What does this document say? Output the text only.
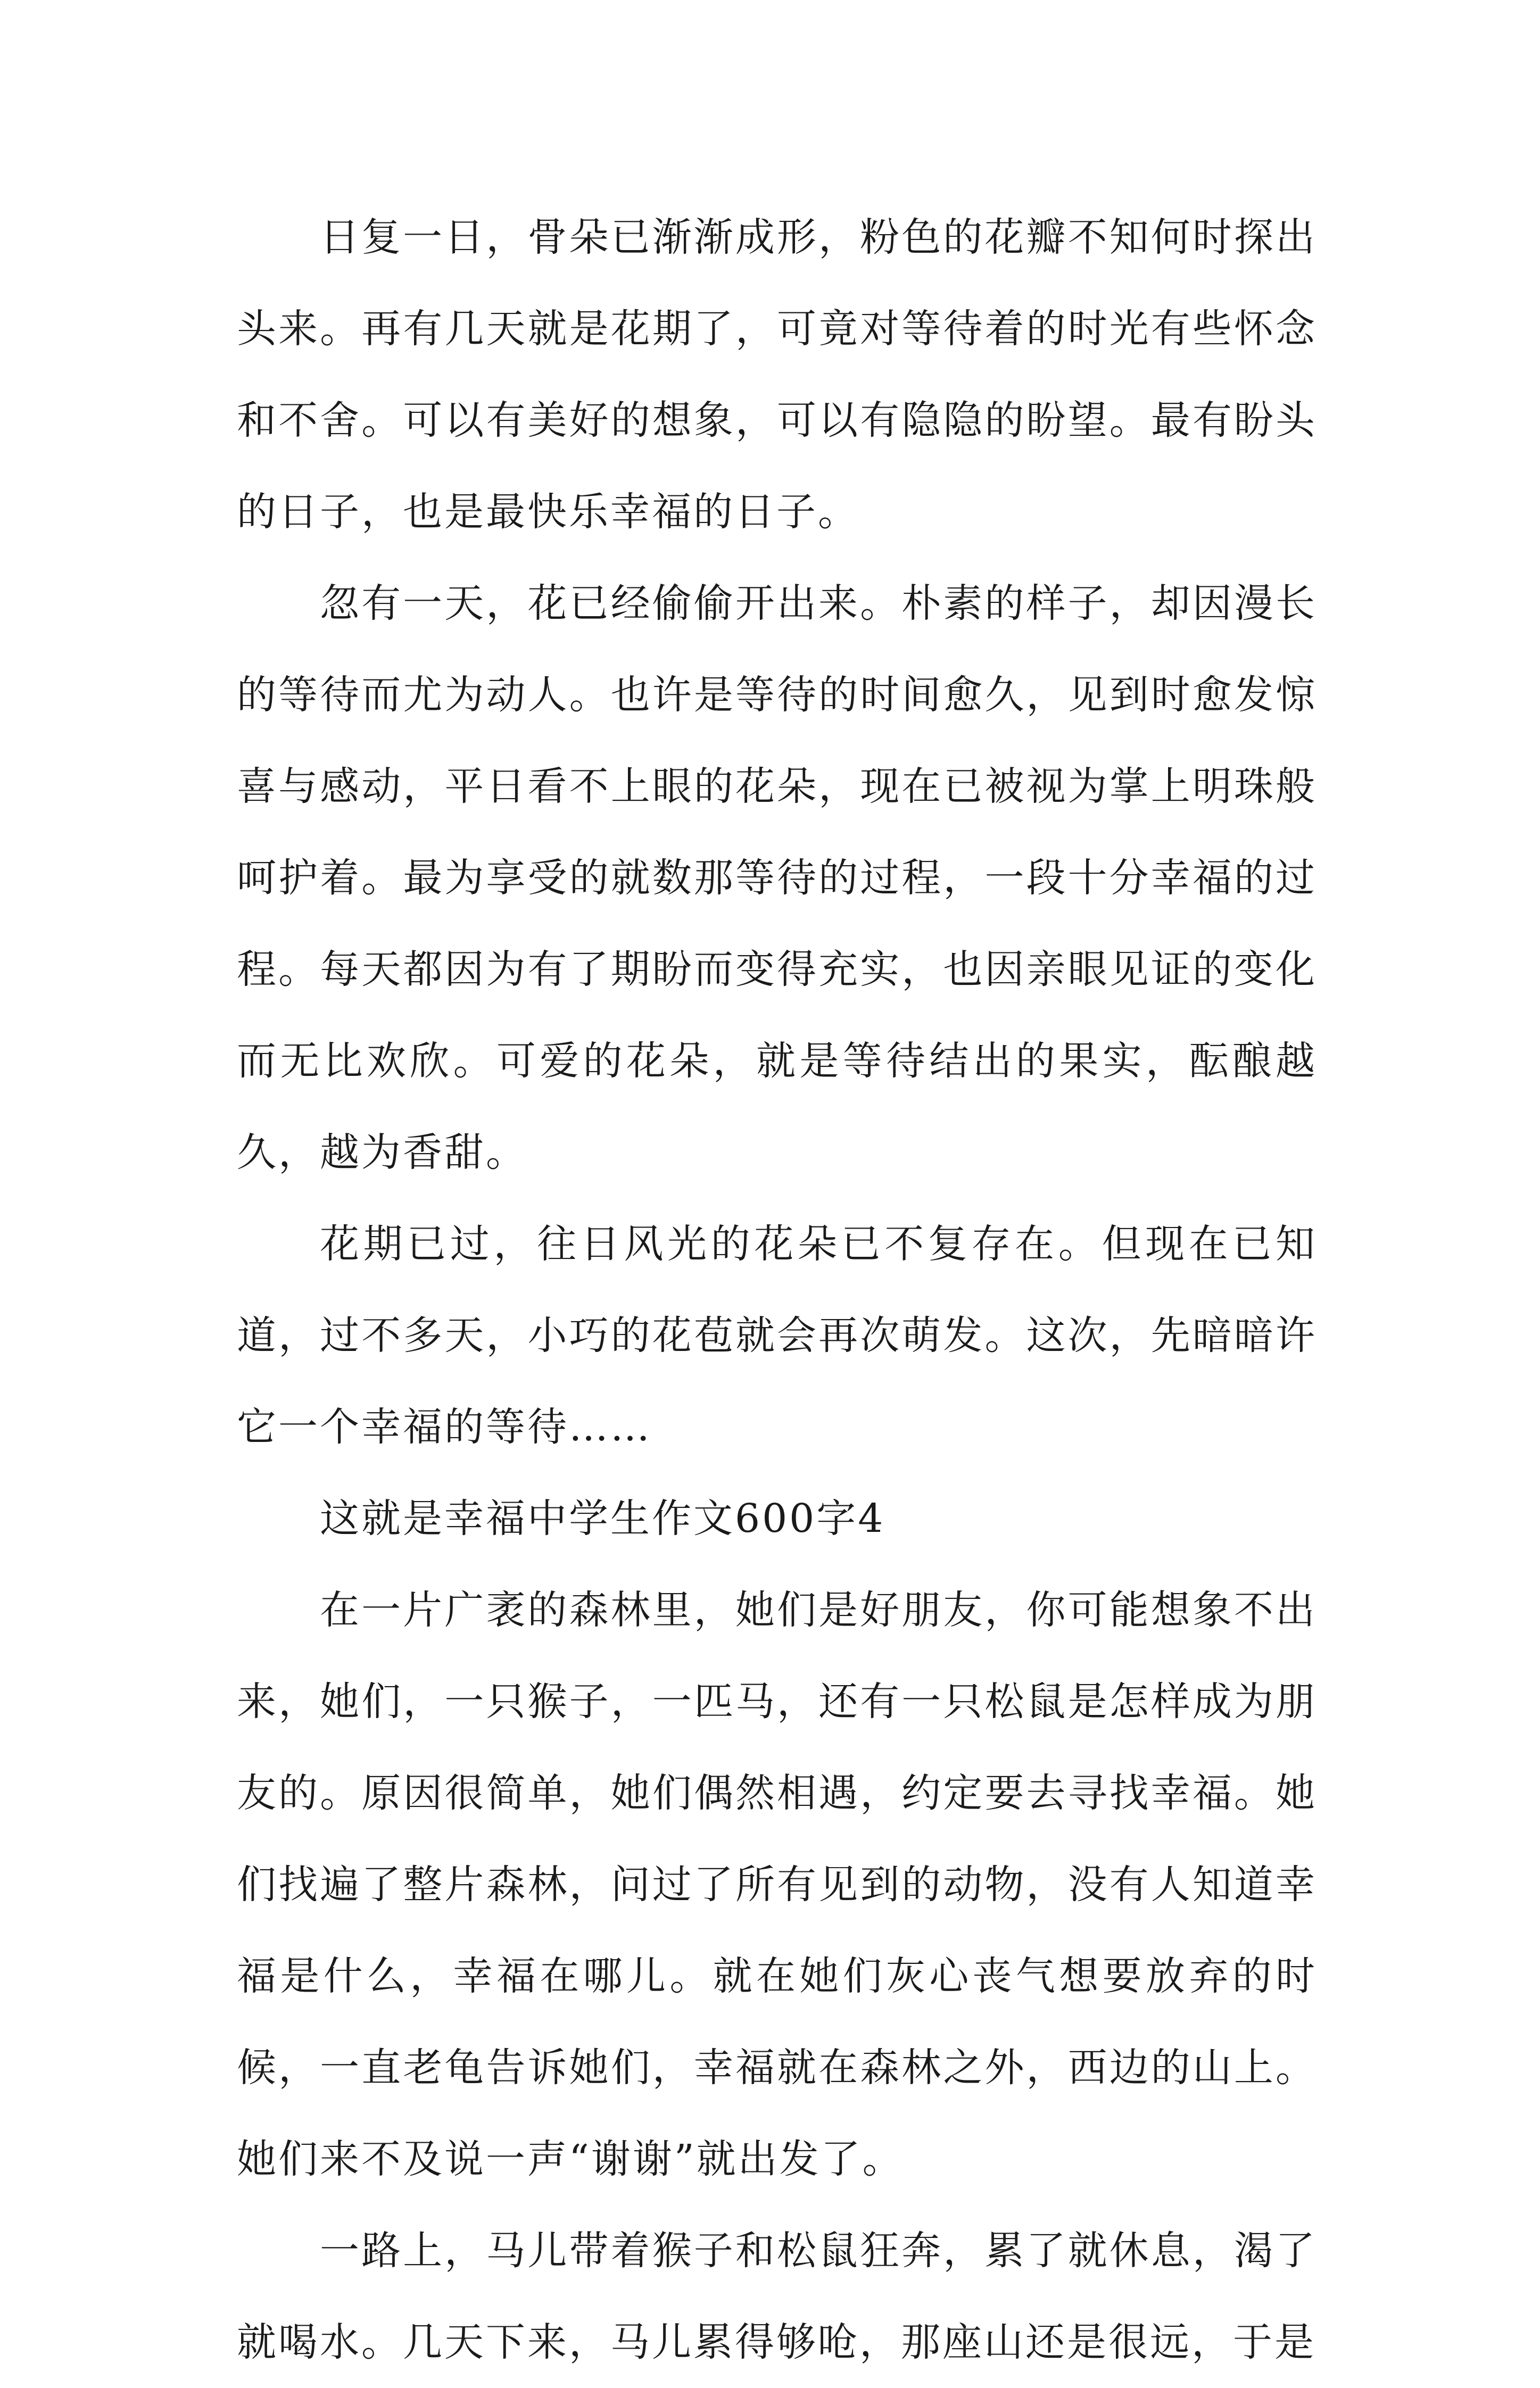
日复一日，骨朵已渐渐成形，粉色的花瓣不知何时探出头来。再有几天就是花期了，可竟对等待着的时光有些怀念和不舍。可以有美好的想象，可以有隐隐的盼望。最有盼头的日子，也是最快乐幸福的日子。

忽有一天，花已经偷偷开出来。朴素的样子，却因漫长的等待而尤为动人。也许是等待的时间愈久，见到时愈发惊喜与感动，平日看不上眼的花朵，现在已被视为掌上明珠般呵护着。最为享受的就数那等待的过程，一段十分幸福的过程。每天都因为有了期盼而变得充实，也因亲眼见证的变化而无比欢欣。可爱的花朵，就是等待结出的果实，酝酿越久，越为香甜。

花期已过，往日风光的花朵已不复存在。但现在已知道，过不多天，小巧的花苞就会再次萌发。这次，先暗暗许它一个幸福的等待……

这就是幸福中学生作文600字4

在一片广袤的森林里，她们是好朋友，你可能想象不出来，她们，一只猴子，一匹马，还有一只松鼠是怎样成为朋友的。原因很简单，她们偶然相遇，约定要去寻找幸福。她们找遍了整片森林，问过了所有见到的动物，没有人知道幸福是什么，幸福在哪儿。就在她们灰心丧气想要放弃的时候，一直老龟告诉她们，幸福就在森林之外，西边的山上。她们来不及说一声“谢谢”就出发了。

一路上，马儿带着猴子和松鼠狂奔，累了就休息，渴了就喝水。几天下来，马儿累得够呛，那座山还是很远，于是
